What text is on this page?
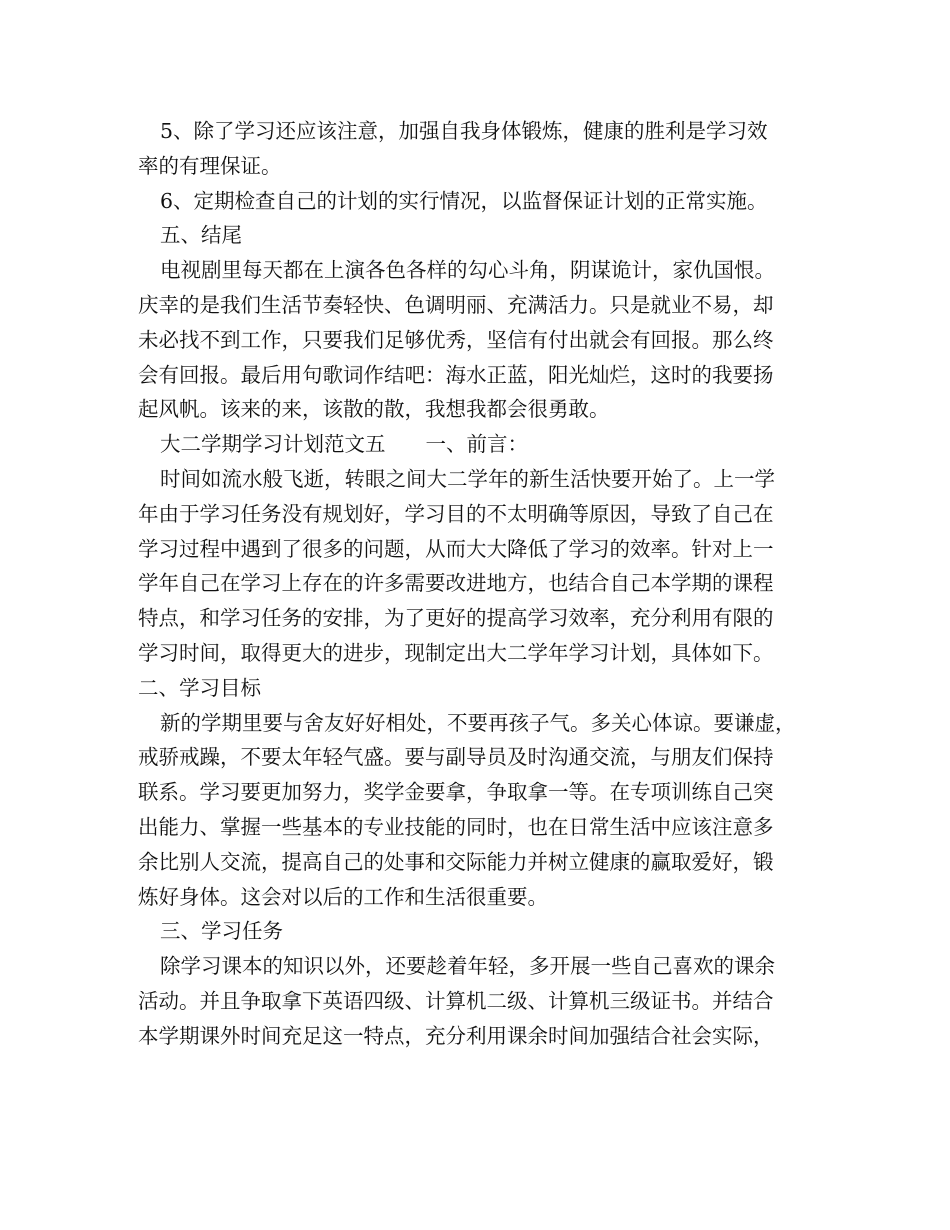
5、除了学习还应该注意，加强自我身体锻炼，健康的胜利是学习效
率的有理保证。
6、定期检查自己的计划的实行情况，以监督保证计划的正常实施。
五、结尾
电视剧里每天都在上演各色各样的勾心斗角，阴谋诡计，家仇国恨。
庆幸的是我们生活节奏轻快、色调明丽、充满活力。只是就业不易，却
未必找不到工作，只要我们足够优秀，坚信有付出就会有回报。那么终
会有回报。最后用句歌词作结吧：海水正蓝，阳光灿烂，这时的我要扬
起风帆。该来的来，该散的散，我想我都会很勇敢。
大二学期学习计划范文五 一、前言：
时间如流水般飞逝，转眼之间大二学年的新生活快要开始了。上一学
年由于学习任务没有规划好，学习目的不太明确等原因，导致了自己在
学习过程中遇到了很多的问题，从而大大降低了学习的效率。针对上一
学年自己在学习上存在的许多需要改进地方，也结合自己本学期的课程
特点，和学习任务的安排，为了更好的提高学习效率，充分利用有限的
学习时间，取得更大的进步，现制定出大二学年学习计划，具体如下。
二、学习目标
新的学期里要与舍友好好相处，不要再孩子气。多关心体谅。要谦虚，
戒骄戒躁，不要太年轻气盛。要与副导员及时沟通交流，与朋友们保持
联系。学习要更加努力，奖学金要拿，争取拿一等。在专项训练自己突
出能力、掌握一些基本的专业技能的同时，也在日常生活中应该注意多
余比别人交流，提高自己的处事和交际能力并树立健康的赢取爱好，锻
炼好身体。这会对以后的工作和生活很重要。
三、学习任务
除学习课本的知识以外，还要趁着年轻，多开展一些自己喜欢的课余
活动。并且争取拿下英语四级、计算机二级、计算机三级证书。并结合
本学期课外时间充足这一特点，充分利用课余时间加强结合社会实际，
